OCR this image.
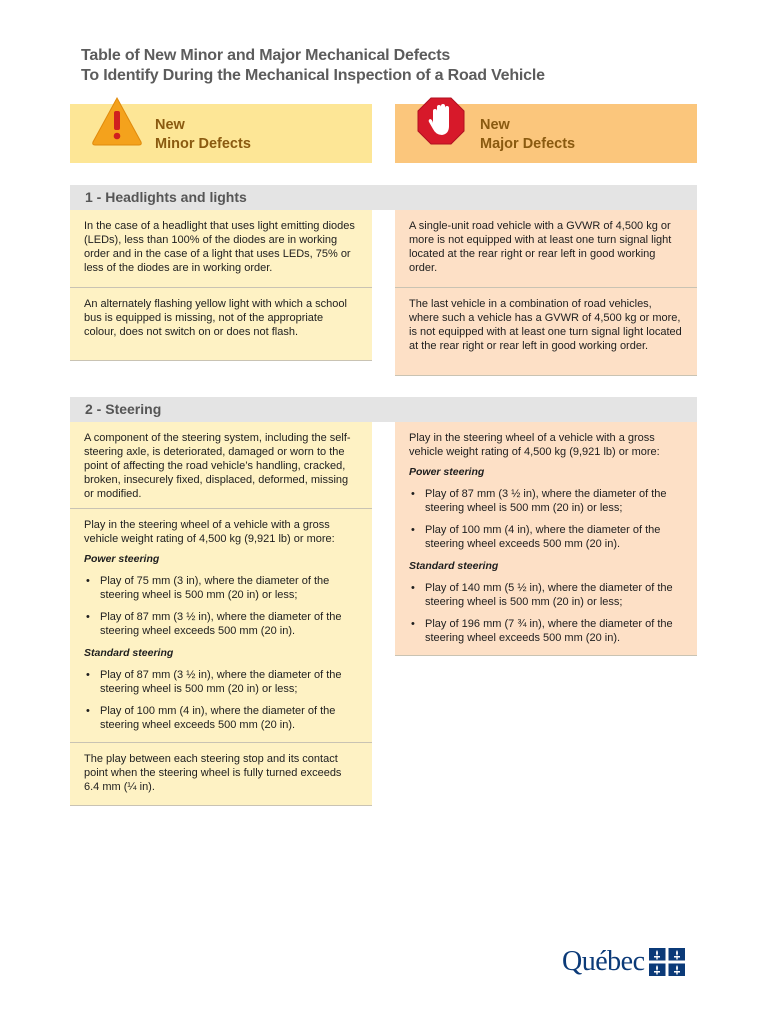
Table of New Minor and Major Mechanical Defects
To Identify During the Mechanical Inspection of a Road Vehicle
New
Minor Defects
New
Major Defects
1 - Headlights and lights

In the case of a headlight that uses light emitting diodes (LEDs), less than 100% of the diodes are in working order and in the case of a light that uses LEDs, 75% or less of the diodes are in working order.

An alternately flashing yellow light with which a school bus is equipped is missing, not of the appropriate colour, does not switch on or does not flash.

A single-unit road vehicle with a GVWR of 4,500 kg or more is not equipped with at least one turn signal light located at the rear right or rear left in good working order.

The last vehicle in a combination of road vehicles, where such a vehicle has a GVWR of 4,500 kg or more, is not equipped with at least one turn signal light located at the rear right or rear left in good working order.

2 - Steering

A component of the steering system, including the self-steering axle, is deteriorated, damaged or worn to the point of affecting the road vehicle’s handling, cracked, broken, insecurely fixed, displaced, deformed, missing or modified.

Play in the steering wheel of a vehicle with a gross vehicle weight rating of 4,500 kg (9,921 lb) or more:

Power steering
• Play of 75 mm (3 in), where the diameter of the steering wheel is 500 mm (20 in) or less;
• Play of 87 mm (3 ½ in), where the diameter of the steering wheel exceeds 500 mm (20 in).
Standard steering
• Play of 87 mm (3 ½ in), where the diameter of the steering wheel is 500 mm (20 in) or less;
• Play of 100 mm (4 in), where the diameter of the steering wheel exceeds 500 mm (20 in).

The play between each steering stop and its contact point when the steering wheel is fully turned exceeds 6.4 mm (¼ in).

Play in the steering wheel of a vehicle with a gross vehicle weight rating of 4,500 kg (9,921 lb) or more:

Power steering
• Play of 87 mm (3 ½ in), where the diameter of the steering wheel is 500 mm (20 in) or less;
• Play of 100 mm (4 in), where the diameter of the steering wheel exceeds 500 mm (20 in).
Standard steering
• Play of 140 mm (5 ½ in), where the diameter of the steering wheel is 500 mm (20 in) or less;
• Play of 196 mm (7 ¾ in), where the diameter of the steering wheel exceeds 500 mm (20 in).
Québec
